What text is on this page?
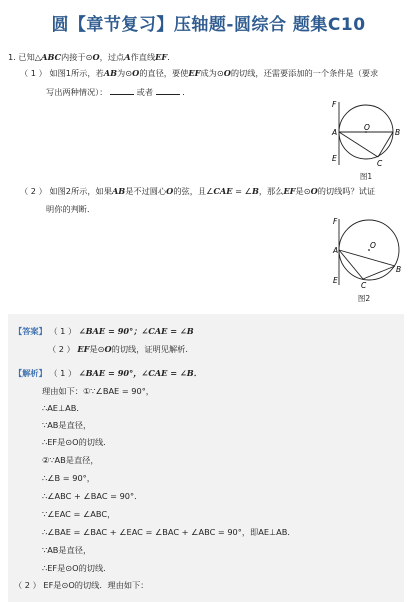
圆【章节复习】压轴题-圆综合 题集C10
1. 已知△ABC内接于⊙O，过点A作直线EF．
（ 1 ） 如图1所示，若AB为⊙O的直径，要使EF成为⊙O的切线，还需要添加的一个条件是（要求
写出两种情况）：	或者	．
F
A
E
O
B
C
图1
（ 2 ） 如图2所示，如果AB是不过圆心O的弦，且∠CAE = ∠B，那么EF是⊙O的切线吗？试证
明你的判断．
F
A
E
O
B
C
图2
【答案】 （ 1 ） ∠BAE = 90°；∠CAE = ∠B
（ 2 ） EF是⊙O的切线，证明见解析．
【解析】 （ 1 ） ∠BAE = 90°，∠CAE = ∠B．
理由如下：①∵∠BAE = 90°，
∴AE⊥AB．
∵AB是直径，
∴EF是⊙O的切线．
②∵AB是直径，
∴∠B = 90°，
∴∠ABC + ∠BAC = 90°．
∵∠EAC = ∠ABC，
∴∠BAE = ∠BAC + ∠EAC = ∠BAC + ∠ABC = 90°，即AE⊥AB．
∵AB是直径，
∴EF是⊙O的切线．
（ 2 ） EF是⊙O的切线．理由如下：
